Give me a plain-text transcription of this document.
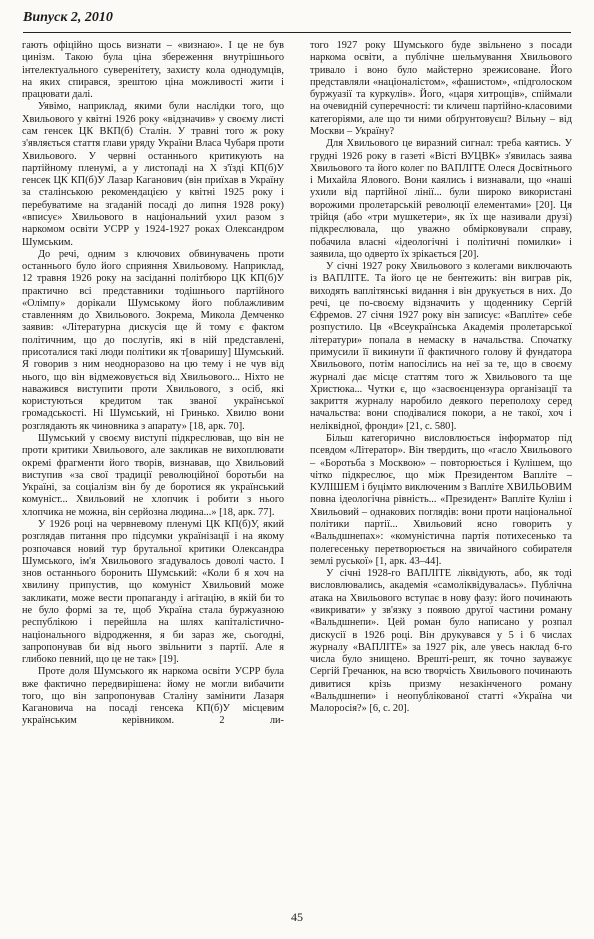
Випуск 2, 2010

гають офіційно щось визнати – «визнаю». І це не був цинізм. Такою була ціна збереження внутрішнього інтелектуального суверенітету, захисту кола однодумців, на яких спирався, зрештою ціна можливості жити і працювати далі.

Уявімо, наприклад, якими були наслідки того, що Хвильового у квітні 1926 року «відзначив» у своєму листі сам генсек ЦК ВКП(б) Сталін. У травні того ж року з'являється стаття глави уряду України Власа Чубаря проти Хвильового. У червні останнього критикують на партійному пленумі, а у листопаді на Х з'їзді КП(б)У генсек ЦК КП(б)У Лазар Каганович (він приїхав в Україну за сталінською рекомендацією у квітні 1925 року і перебуватиме на згаданій посаді до липня 1928 року) «вписує» Хвильового в національний ухил разом з наркомом освіти УСРР у 1924-1927 роках Олександром Шумським.

До речі, одним з ключових обвинувачень проти останнього було його сприяння Хвильовому. Наприклад, 12 травня 1926 року на засіданні політбюро ЦК КП(б)У практично всі представники тодішнього партійного «Олімпу» дорікали Шумському його поблажливим ставленням до Хвильового. Зокрема, Микола Демченко заявив: «Літературна дискусія ще й тому є фактом політичним, що до послугів, які в ній представлені, присоталися такі люди політики як т[оваришу] Шумський. Я говорив з ним неодноразово на цю тему і не чув від нього, що він відмежовується від Хвильового... Ніхто не наважився виступити проти Хвильового, з осіб, які користуються кредитом так званої української громадськості. Ні Шумський, ні Гринько. Хвилю вони розглядають як чиновника з апарату» [18, арк. 70].

Шумський у своєму виступі підкреслював, що він не проти критики Хвильового, але закликав не вихоплювати окремі фрагменти його творів, визнавав, що Хвильовий виступив «за свої традиції революційної боротьби на Україні, за соціалізм він бу де боротися як український комуніст... Хвильовий не хлопчик і робити з нього хлопчика не можна, він серйозна людина...» [18, арк. 77].

У 1926 році на червневому пленумі ЦК КП(б)У, який розглядав питання про підсумки українізації і на якому розпочався новий тур брутальної критики Олександра Шумського, ім'я Хвильового згадувалось доволі часто. І знов останнього боронить Шумський: «Коли б я хоч на хвилину припустив, що комуніст Хвильовий може закликати, може вести пропаганду і агітацію, в якій би то не було формі за те, щоб Україна стала буржуазною республікою і перейшла на шлях капіталістично-національного відродження, я би зараз же, сьогодні, запропонував би від нього звільнити з партії. Але я глибоко певний, що це не так» [19].

Проте доля Шумського як наркома освіти УСРР була вже фактично передвирішена: йому не могли вибачити того, що він запропонував Сталіну замінити Лазаря Кагановича на посаді генсека КП(б)У місцевим українським керівником. 2 ли-

того 1927 року Шумського буде звільнено з посади наркома освіти, а публічне шельмування Хвильового тривало і воно було майстерно зрежисоване. Його представляли «націоналістом», «фашистом», «підголоском буржуазії та куркулів». Його, «царя хитрощів», спіймали на очевидній суперечності: ти кличеш партійно-класовими категоріями, але що ти ними обґрунтовуєш? Вільну – від Москви – Україну?

Для Хвильового це виразний сигнал: треба каятись. У грудні 1926 року в газеті «Вісті ВУЦВК» з'явилась заява Хвильового та його колег по ВАПЛІТЕ Олеся Досвітнього і Михайла Ялового. Вони каялись і визнавали, що «наші ухили від партійної лінії... були широко використані ворожими пролетарській революції елементами» [20]. Ця трійця (або «три мушкетери», як їх ще називали друзі) підкреслювала, що уважно обмірковували справу, побачила власні «ідеологічні і політичні помилки» і заявила, що одверто їх зрікається [20].

У січні 1927 року Хвильового з колегами виключають із ВАПЛІТЕ. Та його це не бентежить: він виграв рік, виходять ваплітянські видання і він друкується в них. До речі, це по-своєму відзначить у щоденнику Сергій Єфремов. 27 січня 1927 року він записує: «Вапліте» себе розпустило. Цв «Всеукраїнська Академія пролетарської літератури» попала в немаску в начальства. Спочатку примусили її викинути її фактичного голову й фундатора Хвильового, потім напосілись на неї за те, що в своєму журналі дає місце статтям того ж Хвильового та ще Христюка... Чутки є, що «засвоєнцензура організації та закриття журналу наробило деякого переполоху серед начальства: вони сподівалися покори, а не такої, хоч і неліквідної, фронди» [21, с. 580].

Більш категорично висловлюється інформатор під псевдом «Літератор». Він твердить, що «гасло Хвильового – «Боротьба з Москвою» – повторюється і Кулішем, що чітко підкреслює, що між Президентом Вапліте – КУЛІШЕМ і буцімто виключеним з Вапліте ХВИЛЬОВИМ повна ідеологічна рівність... «Президент» Вапліте Куліш і Хвильовий – однакових поглядів: вони проти національної політики партії... Хвильовий ясно говорить у «Вальдшнепах»: «комуністична партія потихесенько та полегесеньку перетворюється на звичайного собирателя землі руської» [1, арк. 43–44].

У січні 1928-го ВАПЛІТЕ ліквідують, або, як тоді висловлювались, академія «самоліквідувалась». Публічна атака на Хвильового вступає в нову фазу: його починають «викривати» у зв'язку з появою другої частини роману «Вальдшнепи». Цей роман було написано у розпал дискусії в 1926 році. Він друкувався у 5 і 6 числах журналу «ВАПЛІТЕ» за 1927 рік, але увесь наклад 6-го числа було знищено. Врешті-решт, як точно зауважує Сергій Гречанюк, на всю творчість Хвильового починають дивитися крізь призму незакінченого роману «Вальдшнепи» і неопублікованої статті «Україна чи Малоросія?» [6, с. 20].

45
